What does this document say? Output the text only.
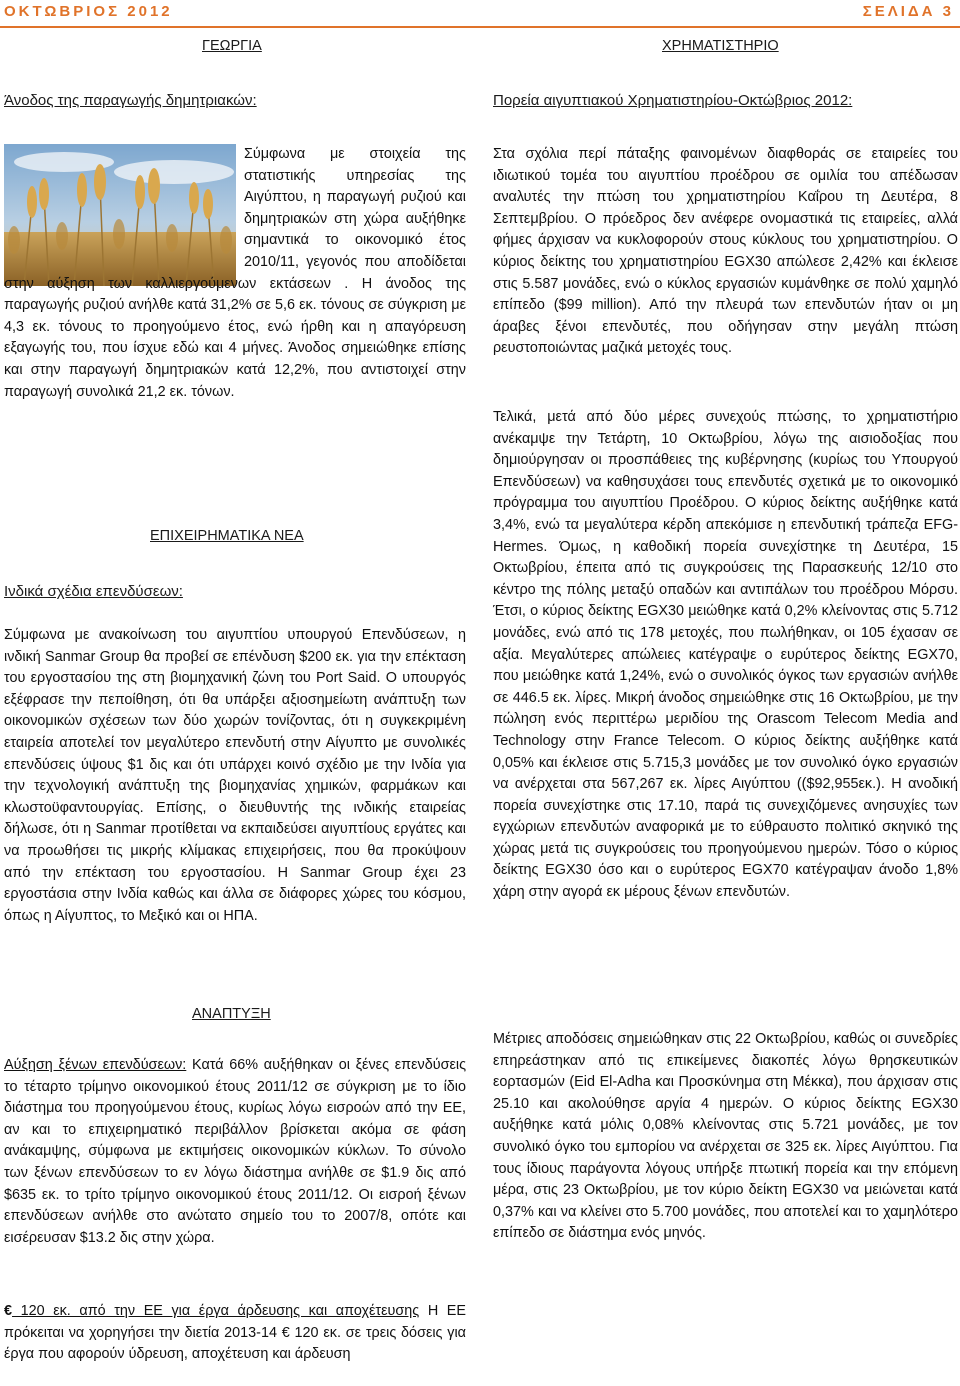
ΟΚΤΩΒΡΙΟΣ 2012	ΣΕΛΙΔΑ 3
ΓΕΩΡΓΙΑ
Άνοδος της παραγωγής δημητριακών:

Σύμφωνα με στοιχεία της στατιστικής υπηρεσίας της Αιγύπτου, η παραγωγή ρυζιού και δημητριακών στη χώρα αυξήθηκε σημαντικά το οικονομικό έτος 2010/11, γεγονός που αποδίδεται στην αύξηση των καλλιεργούμενων εκτάσεων . Η άνοδος της παραγωγής ρυζιού ανήλθε κατά 31,2% σε 5,6 εκ. τόνους σε σύγκριση με 4,3 εκ. τόνους το προηγούμενο έτος, ενώ ήρθη και η απαγόρευση εξαγωγής του, που ίσχυε εδώ και 4 μήνες. Άνοδος σημειώθηκε επίσης και στην παραγωγή δημητριακών κατά 12,2%, που αντιστοιχεί στην παραγωγή συνολικά 21,2 εκ. τόνων.

ΕΠΙΧΕΙΡΗΜΑΤΙΚΑ ΝΕΑ
Ινδικά σχέδια επενδύσεων:

Σύμφωνα με ανακοίνωση του αιγυπτίου υπουργού Επενδύσεων, η ινδική Sanmar Group θα προβεί σε επένδυση $200 εκ. για την επέκταση του εργοστασίου της στη βιομηχανική ζώνη του Port Said. Ο υπουργός εξέφρασε την πεποίθηση, ότι θα υπάρξει αξιοσημείωτη ανάπτυξη των οικονομικών σχέσεων των δύο χωρών τονίζοντας, ότι η συγκεκριμένη εταιρεία αποτελεί τον μεγαλύτερο επενδυτή στην Αίγυπτο με συνολικές επενδύσεις ύψους $1 δις και ότι υπάρχει κοινό σχέδιο με την Ινδία για την τεχνολογική ανάπτυξη της βιομηχανίας χημικών, φαρμάκων και κλωστοϋφαντουργίας. Επίσης, ο διευθυντής της ινδικής εταιρείας δήλωσε, ότι η Sanmar προτίθεται να εκπαιδεύσει αιγυπτίους εργάτες και να προωθήσει τις μικρής κλίμακας επιχειρήσεις, που θα προκύψουν από την επέκταση του εργοστασίου. Η Sanmar Group έχει 23 εργοστάσια στην Ινδία καθώς και άλλα σε διάφορες χώρες του κόσμου, όπως η Αίγυπτος, το Μεξικό και οι ΗΠΑ.

ΑΝΑΠΤΥΞΗ

Αύξηση ξένων επενδύσεων: Κατά 66% αυξήθηκαν οι ξένες επενδύσεις το τέταρτο τρίμηνο οικονομικού έτους 2011/12 σε σύγκριση με το ίδιο διάστημα του προηγούμενου έτους, κυρίως λόγω εισροών από την ΕΕ, αν και το επιχειρηματικό περιβάλλον βρίσκεται ακόμα σε φάση ανάκαμψης, σύμφωνα με εκτιμήσεις οικονομικών κύκλων. Το σύνολο των ξένων επενδύσεων το εν λόγω διάστημα ανήλθε σε $1.9 δις από $635 εκ. το τρίτο τρίμηνο οικονομικού έτους 2011/12. Οι εισροή ξένων επενδύσεων ανήλθε στο ανώτατο σημείο του το 2007/8, οπότε και εισέρευσαν $13.2 δις στην χώρα.

€ 120 εκ. από την ΕΕ για έργα άρδευσης και αποχέτευσης Η ΕΕ πρόκειται να χορηγήσει την διετία 2013-14 € 120 εκ. σε τρεις δόσεις για έργα που αφορούν ύδρευση, αποχέτευση και άρδευση

ΧΡΗΜΑΤΙΣΤΗΡΙΟ
Πορεία αιγυπτιακού Χρηματιστηρίου-Οκτώβριος 2012:

Στα σχόλια περί πάταξης φαινομένων διαφθοράς σε εταιρείες του ιδιωτικού τομέα του αιγυπτίου προέδρου σε ομιλία του απέδωσαν αναλυτές την πτώση του χρηματιστηρίου Καΐρου τη Δευτέρα, 8 Σεπτεμβρίου. Ο πρόεδρος δεν ανέφερε ονομαστικά τις εταιρείες, αλλά φήμες άρχισαν να κυκλοφορούν στους κύκλους του χρηματιστηρίου. Ο κύριος δείκτης του χρηματιστηρίου EGX30 απώλεσε 2,42% και έκλεισε στις 5.587 μονάδες, ενώ ο κύκλος εργασιών κυμάνθηκε σε πολύ χαμηλό επίπεδο ($99 million). Από την πλευρά των επενδυτών ήταν οι μη άραβες ξένοι επενδυτές, που οδήγησαν στην μεγάλη πτώση ρευστοποιώντας μαζικά μετοχές τους.

Τελικά, μετά από δύο μέρες συνεχούς πτώσης, το χρηματιστήριο ανέκαμψε την Τετάρτη, 10 Οκτωβρίου, λόγω της αισιοδοξίας που δημιούργησαν οι προσπάθειες της κυβέρνησης (κυρίως του Υπουργού Επενδύσεων) να καθησυχάσει τους επενδυτές σχετικά με το οικονομικό πρόγραμμα του αιγυπτίου Προέδρου. Ο κύριος δείκτης αυξήθηκε κατά 3,4%, ενώ τα μεγαλύτερα κέρδη απεκόμισε η επενδυτική τράπεζα EFG-Hermes. Όμως, η καθοδική πορεία συνεχίστηκε τη Δευτέρα, 15 Οκτωβρίου, έπειτα από τις συγκρούσεις της Παρασκευής 12/10 στο κέντρο της πόλης μεταξύ οπαδών και αντιπάλων του προέδρου Μόρσυ. Έτσι, ο κύριος δείκτης EGX30 μειώθηκε κατά 0,2% κλείνοντας στις 5.712 μονάδες, ενώ από τις 178 μετοχές, που πωλήθηκαν, οι 105 έχασαν σε αξία. Μεγαλύτερες απώλειες κατέγραψε ο ευρύτερος δείκτης EGX70, που μειώθηκε κατά 1,24%, ενώ ο συνολικός όγκος των εργασιών ανήλθε σε 446.5 εκ. λίρες. Μικρή άνοδος σημειώθηκε στις 16 Οκτωβρίου, με την πώληση ενός περιττέρω μεριδίου της Orascom Telecom Media and Technology στην France Telecom. Ο κύριος δείκτης αυξήθηκε κατά 0,05% και έκλεισε στις 5.715,3 μονάδες με τον συνολικό όγκο εργασιών να ανέρχεται στα 567,267 εκ. λίρες Αιγύπτου (($92,955εκ.). Η ανοδική πορεία συνεχίστηκε στις 17.10, παρά τις συνεχιζόμενες ανησυχίες των εγχώριων επενδυτών αναφορικά με το εύθραυστο πολιτικό σκηνικό της χώρας μετά τις συγκρούσεις του προηγούμενου ημερών. Τόσο ο κύριος δείκτης EGX30 όσο και ο ευρύτερος EGX70 κατέγραψαν άνοδο 1,8% χάρη στην αγορά εκ μέρους ξένων επενδυτών.

Μέτριες αποδόσεις σημειώθηκαν στις 22 Οκτωβρίου, καθώς οι συνεδρίες επηρεάστηκαν από τις επικείμενες διακοπές λόγω θρησκευτικών εορτασμών (Eid El-Adha και Προσκύνημα στη Μέκκα), που άρχισαν στις 25.10 και ακολούθησε αργία 4 ημερών. Ο κύριος δείκτης EGX30 αυξήθηκε κατά μόλις 0,08% κλείνοντας στις 5.721 μονάδες, με τον συνολικό όγκο του εμπορίου να ανέρχεται σε 325 εκ. λίρες Αιγύπτου. Για τους ίδιους παράγοντα λόγους υπήρξε πτωτική πορεία και την επόμενη μέρα, στις 23 Οκτωβρίου, με τον κύριο δείκτη EGX30 να μειώνεται κατά 0,37% και να κλείνει στο 5.700 μονάδες, που αποτελεί και το χαμηλότερο επίπεδο σε διάστημα ενός μηνός.
